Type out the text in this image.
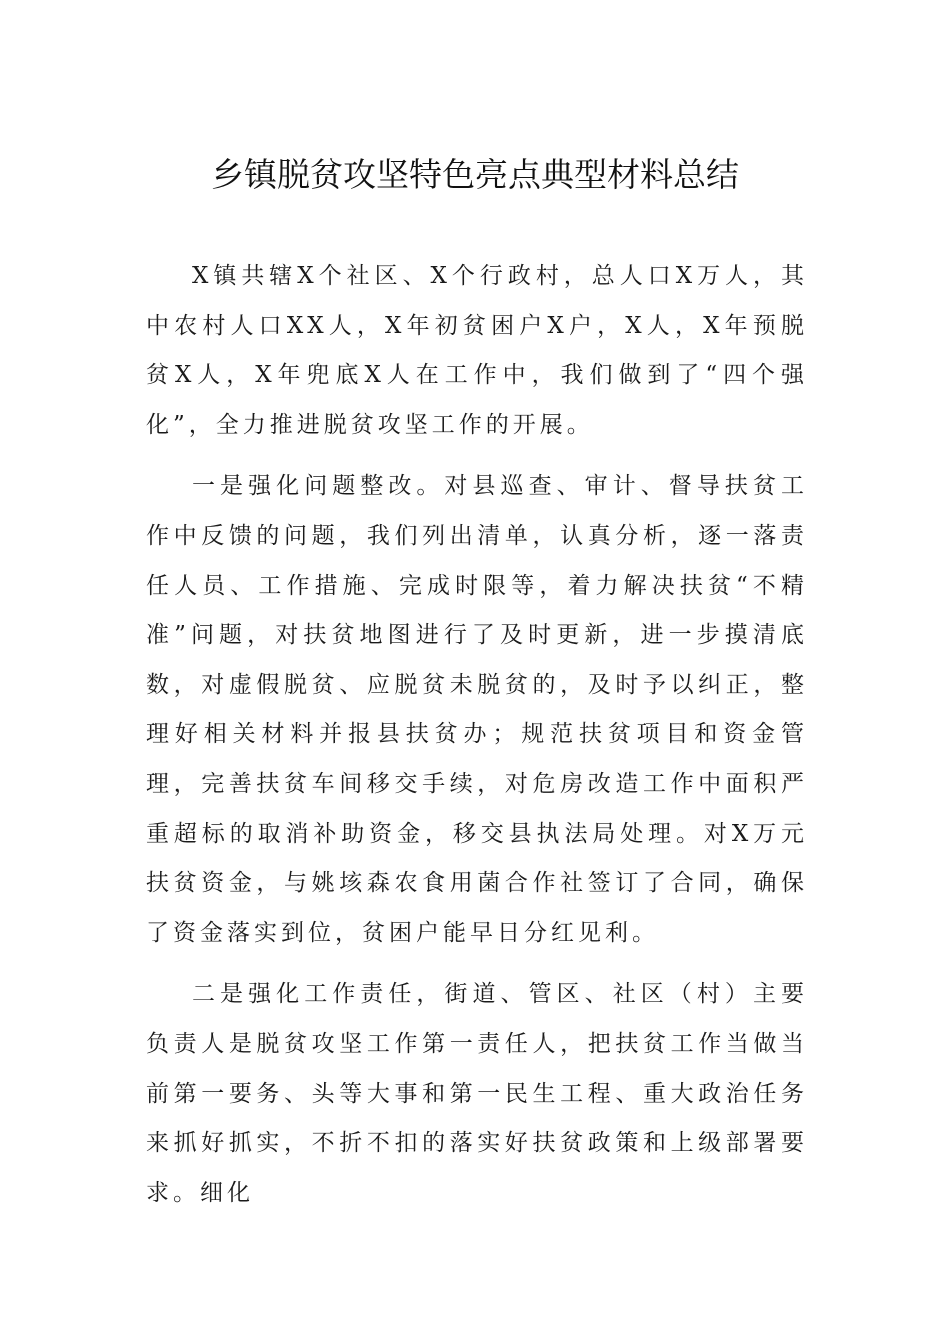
乡镇脱贫攻坚特色亮点典型材料总结

X镇共辖X个社区、X个行政村，总人口X万人，其中农村人口XX人，X年初贫困户X户，X人，X年预脱贫X人，X年兜底X人在工作中，我们做到了“四个强化”，全力推进脱贫攻坚工作的开展。

一是强化问题整改。对县巡查、审计、督导扶贫工作中反馈的问题，我们列出清单，认真分析，逐一落责任人员、工作措施、完成时限等，着力解决扶贫“不精准”问题，对扶贫地图进行了及时更新，进一步摸清底数，对虚假脱贫、应脱贫未脱贫的，及时予以纠正，整理好相关材料并报县扶贫办；规范扶贫项目和资金管理，完善扶贫车间移交手续，对危房改造工作中面积严重超标的取消补助资金，移交县执法局处理。对X万元扶贫资金，与姚垓森农食用菌合作社签订了合同，确保了资金落实到位，贫困户能早日分红见利。

二是强化工作责任，街道、管区、社区（村）主要负责人是脱贫攻坚工作第一责任人，把扶贫工作当做当前第一要务、头等大事和第一民生工程、重大政治任务来抓好抓实，不折不扣的落实好扶贫政策和上级部署要求。细化
